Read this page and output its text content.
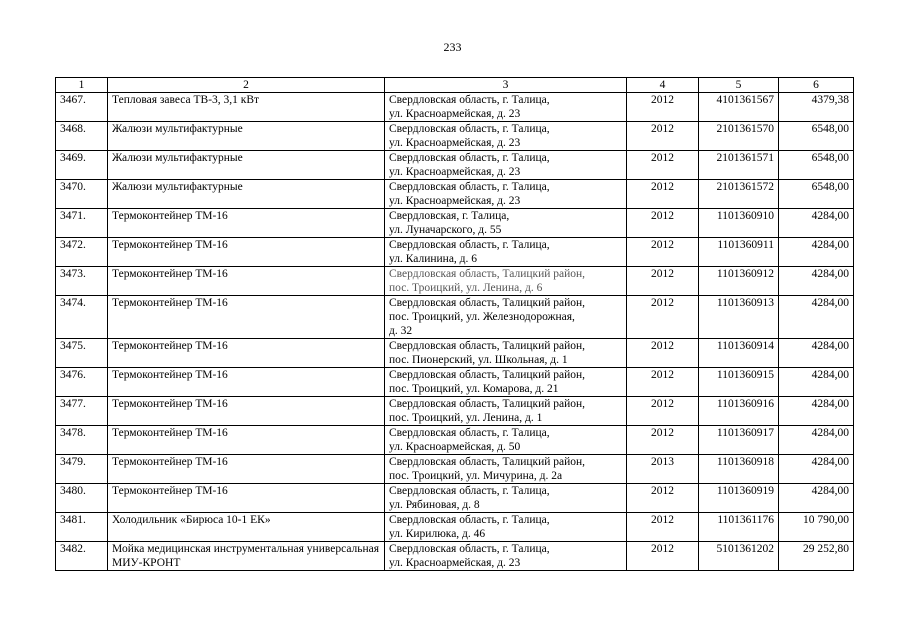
233
1	2	3	4	5	6
3467.	Тепловая завеса ТВ-3, 3,1 кВт	Свердловская область, г. Талица,
ул. Красноармейская, д. 23	2012	4101361567	4379,38
3468.	Жалюзи мультифактурные	Свердловская область, г. Талица,
ул. Красноармейская, д. 23	2012	2101361570	6548,00
3469.	Жалюзи мультифактурные	Свердловская область, г. Талица,
ул. Красноармейская, д. 23	2012	2101361571	6548,00
3470.	Жалюзи мультифактурные	Свердловская область, г. Талица,
ул. Красноармейская, д. 23	2012	2101361572	6548,00
3471.	Термоконтейнер ТМ-16	Свердловская, г. Талица,
ул. Луначарского, д. 55	2012	1101360910	4284,00
3472.	Термоконтейнер ТМ-16	Свердловская область, г. Талица,
ул. Калинина, д. 6	2012	1101360911	4284,00
3473.	Термоконтейнер ТМ-16	Свердловская область, Талицкий район,
пос. Троицкий, ул. Ленина, д. 6	2012	1101360912	4284,00
3474.	Термоконтейнер ТМ-16	Свердловская область, Талицкий район,
пос. Троицкий, ул. Железнодорожная,
д. 32	2012	1101360913	4284,00
3475.	Термоконтейнер ТМ-16	Свердловская область, Талицкий район,
пос. Пионерский, ул. Школьная, д. 1	2012	1101360914	4284,00
3476.	Термоконтейнер ТМ-16	Свердловская область, Талицкий район,
пос. Троицкий, ул. Комарова, д. 21	2012	1101360915	4284,00
3477.	Термоконтейнер ТМ-16	Свердловская область, Талицкий район,
пос. Троицкий, ул. Ленина, д. 1	2012	1101360916	4284,00
3478.	Термоконтейнер ТМ-16	Свердловская область, г. Талица,
ул. Красноармейская, д. 50	2012	1101360917	4284,00
3479.	Термоконтейнер ТМ-16	Свердловская область, Талицкий район,
пос. Троицкий, ул. Мичурина, д. 2а	2013	1101360918	4284,00
3480.	Термоконтейнер ТМ-16	Свердловская область, г. Талица,
ул. Рябиновая, д. 8	2012	1101360919	4284,00
3481.	Холодильник «Бирюса 10-1 ЕК»	Свердловская область, г. Талица,
ул. Кирилюка, д. 46	2012	1101361176	10 790,00
3482.	Мойка медицинская инструментальная универсальная МИУ-КРОНТ	Свердловская область, г. Талица,
ул. Красноармейская, д. 23	2012	5101361202	29 252,80
